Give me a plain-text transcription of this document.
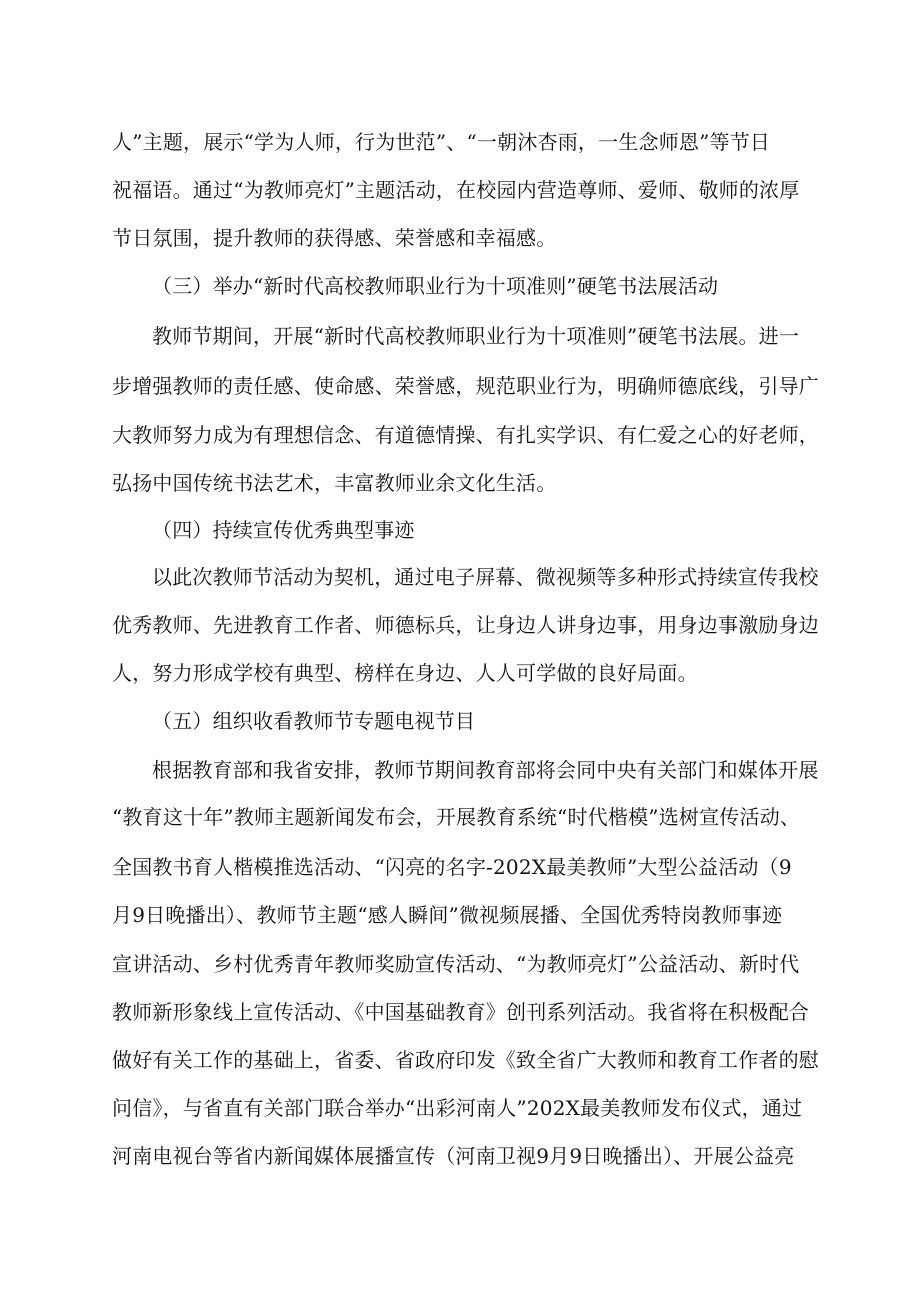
人”主题，展示“学为人师，行为世范”、“一朝沐杏雨，一生念师恩”等节日
祝福语。通过“为教师亮灯”主题活动，在校园内营造尊师、爱师、敬师的浓厚
节日氛围，提升教师的获得感、荣誉感和幸福感。
（三）举办“新时代高校教师职业行为十项准则”硬笔书法展活动
教师节期间，开展“新时代高校教师职业行为十项准则”硬笔书法展。进一
步增强教师的责任感、使命感、荣誉感，规范职业行为，明确师德底线，引导广
大教师努力成为有理想信念、有道德情操、有扎实学识、有仁爱之心的好老师，
弘扬中国传统书法艺术，丰富教师业余文化生活。
（四）持续宣传优秀典型事迹
以此次教师节活动为契机，通过电子屏幕、微视频等多种形式持续宣传我校
优秀教师、先进教育工作者、师德标兵，让身边人讲身边事，用身边事激励身边
人，努力形成学校有典型、榜样在身边、人人可学做的良好局面。
（五）组织收看教师节专题电视节目
根据教育部和我省安排，教师节期间教育部将会同中央有关部门和媒体开展
“教育这十年”教师主题新闻发布会，开展教育系统“时代楷模”选树宣传活动、
全国教书育人楷模推选活动、“闪亮的名字-202X最美教师”大型公益活动（9
月9日晚播出）、教师节主题“感人瞬间”微视频展播、全国优秀特岗教师事迹
宣讲活动、乡村优秀青年教师奖励宣传活动、“为教师亮灯”公益活动、新时代
教师新形象线上宣传活动、《中国基础教育》创刊系列活动。我省将在积极配合
做好有关工作的基础上，省委、省政府印发《致全省广大教师和教育工作者的慰
问信》，与省直有关部门联合举办“出彩河南人”202X最美教师发布仪式，通过
河南电视台等省内新闻媒体展播宣传（河南卫视9月9日晚播出）、开展公益亮
